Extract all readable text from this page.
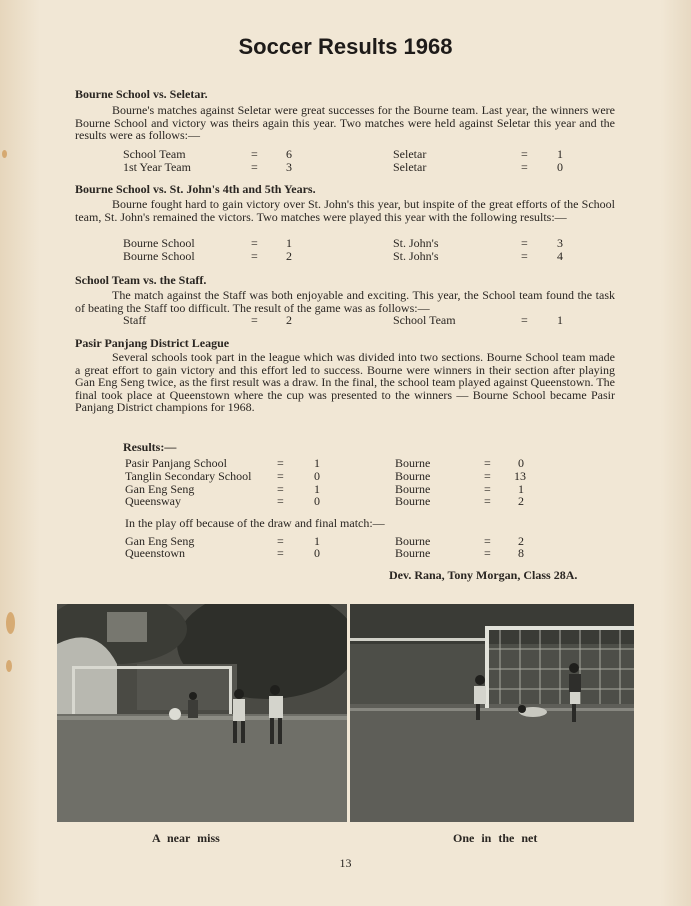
Soccer Results 1968
Bourne School vs. Seletar.
Bourne's matches against Seletar were great successes for the Bourne team. Last year, the winners were Bourne School and victory was theirs again this year. Two matches were held against Seletar this year and the results were as follows:—
School Team	= 6	Seletar	= 1
1st Year Team	= 3	Seletar	= 0
Bourne School vs. St. John's 4th and 5th Years.
Bourne fought hard to gain victory over St. John's this year, but inspite of the great efforts of the School team, St. John's remained the victors. Two matches were played this year with the following results:—
Bourne School	= 1	St. John's	= 3
Bourne School	= 2	St. John's	= 4
School Team vs. the Staff.
The match against the Staff was both enjoyable and exciting. This year, the School team found the task of beating the Staff too difficult. The result of the game was as follows:—
Staff	= 2	School Team	= 1
Pasir Panjang District League
Several schools took part in the league which was divided into two sections. Bourne School team made a great effort to gain victory and this effort led to success. Bourne were winners in their section after playing Gan Eng Seng twice, as the first result was a draw. In the final, the school team played against Queenstown. The final took place at Queenstown where the cup was presented to the winners — Bourne School became Pasir Panjang District champions for 1968.
Results:—
Pasir Panjang School	=	1	Bourne	= 0
Tanglin Secondary School =	0	Bourne	= 13
Gan Eng Seng	=	1	Bourne	= 1
Queensway	=	0	Bourne	= 2
In the play off because of the draw and final match:—
Gan Eng Seng	=	1	Bourne	= 2
Queenstown	=	0	Bourne	= 8
Dev. Rana, Tony Morgan, Class 28A.
A near miss	One in the net
13
